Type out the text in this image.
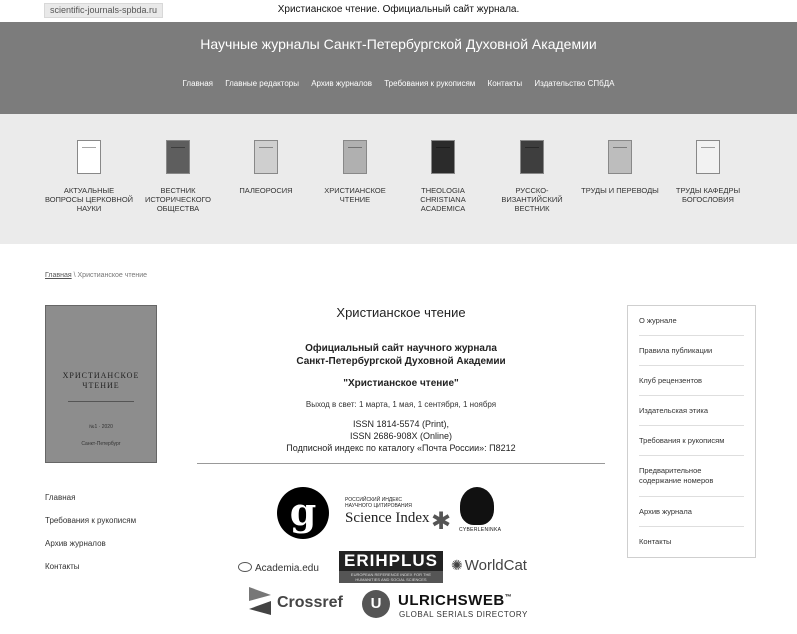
scientific-journals-spbda.ru	Христианское чтение. Официальный сайт журнала.
Научные журналы Санкт-Петербургской Духовной Академии
Главная Главные редакторы Архив журналов Требования к рукописям Контакты Издательство СПбДА
АКТУАЛЬНЫЕ ВОПРОСЫ ЦЕРКОВНОЙ НАУКИ
ВЕСТНИК ИСТОРИЧЕСКОГО ОБЩЕСТВА
ПАЛЕОРОСИЯ	ХРИСТИАНСКОЕ ЧТЕНИЕ
THEOLOGIA CHRISTIANA ACADEMICA
РУССКО-ВИЗАНТИЙСКИЙ ВЕСТНИК
ТРУДЫ И ПЕРЕВОДЫ	ТРУДЫ КАФЕДРЫ БОГОСЛОВИЯ
Главная \ Христианское чтение
ХРИСТИАНСКОЕ
ЧТЕНИЕ
№1 · 2020
Санкт-Петербург
Главная
Требования к рукописям
Архив журналов
Контакты
Христианское чтение
Официальный сайт научного журнала
Санкт-Петербургской Духовной Академии
"Христианское чтение"
Выход в свет: 1 марта, 1 мая, 1 сентября, 1 ноября
ISSN 1814-5574 (Print),
ISSN 2686-908X (Online)
Подписной индекс по каталогу «Почта России»: П8212
g	РОССИЙСКИЙ ИНДЕКС
НАУЧНОГО ЦИТИРОВАНИЯ
Science Index ✱ CYBERLENINKA
Academia.edu ERIHPLUS
EUROPEAN REFERENCE INDEX FOR THE HUMANITIES AND SOCIAL SCIENCES
✺ WorldCat
Crossref	U	ULRICHSWEB™
GLOBAL SERIALS DIRECTORY
О журнале
Правила публикации
Клуб рецензентов
Издательская этика
Требования к рукописям
Предварительное содержание номеров
Архив журнала
Контакты
